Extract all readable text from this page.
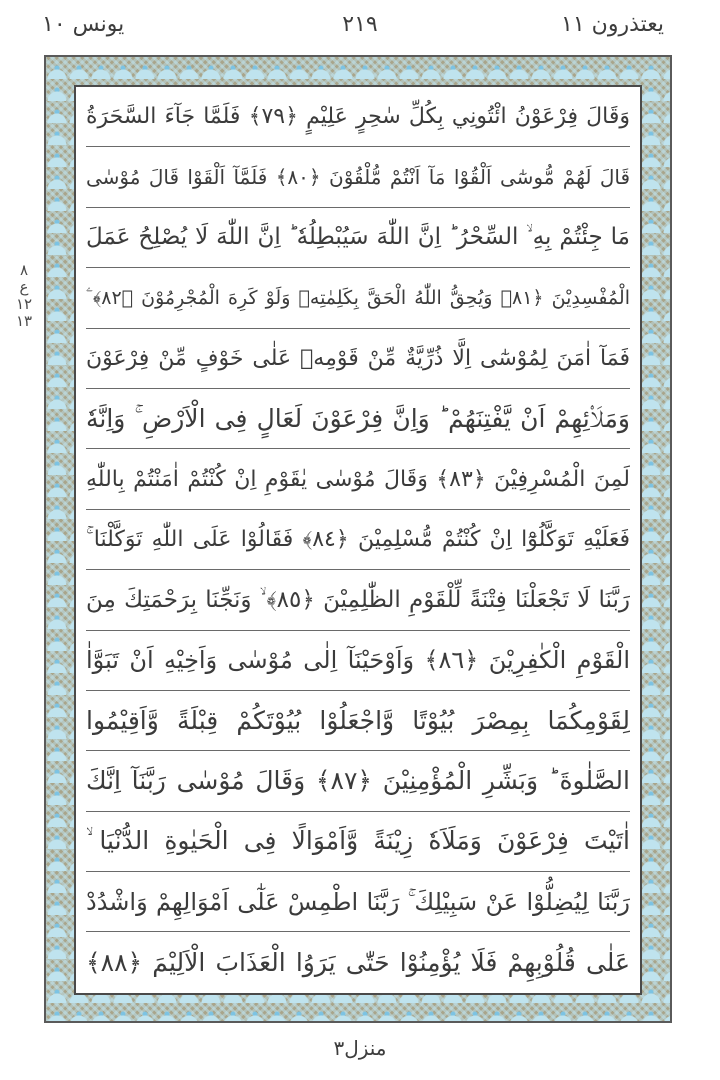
يعتذرون ١١
٢١٩
يونس ١٠
٨
ع
١٢
١٣
وَقَالَ فِرْعَوْنُ ائْتُونِي بِكُلِّ سٰحِرٍ عَلِيْمٍ ﴿٧٩﴾ فَلَمَّا جَآءَ السَّحَرَةُ
قَالَ لَهُمْ مُّوسٰٓى اَلْقُوْا مَآ اَنْتُمْ مُّلْقُوْنَ ﴿٨٠﴾ فَلَمَّآ اَلْقَوْا قَالَ مُوْسٰى
مَا جِئْتُمْ بِهِ ۙ السِّحْرُ ؕ اِنَّ اللّٰهَ سَيُبْطِلُهٗ ؕ اِنَّ اللّٰهَ لَا يُصْلِحُ عَمَلَ
الْمُفْسِدِيْنَ ﴿٨١﴾ وَيُحِقُّ اللّٰهُ الْحَقَّ بِكَلِمٰتِهٖ وَلَوْ كَرِهَ الْمُجْرِمُوْنَ ﴿٨٢﴾ ۧ
فَمَآ اٰمَنَ لِمُوْسٰٓى اِلَّا ذُرِّيَّةٌ مِّنْ قَوْمِهٖ عَلٰى خَوْفٍ مِّنْ فِرْعَوْنَ
وَمَلَا۟ئِهِمْ اَنْ يَّفْتِنَهُمْ ؕ وَاِنَّ فِرْعَوْنَ لَعَالٍ فِى الْاَرْضِ ۚ وَاِنَّهٗ
لَمِنَ الْمُسْرِفِيْنَ ﴿٨٣﴾ وَقَالَ مُوْسٰى يٰقَوْمِ اِنْ كُنْتُمْ اٰمَنْتُمْ بِاللّٰهِ
فَعَلَيْهِ تَوَكَّلُوْٓا اِنْ كُنْتُمْ مُّسْلِمِيْنَ ﴿٨٤﴾ فَقَالُوْا عَلَى اللّٰهِ تَوَكَّلْنَا ۚ
رَبَّنَا لَا تَجْعَلْنَا فِتْنَةً لِّلْقَوْمِ الظّٰلِمِيْنَ ﴿٨٥﴾ ۙ وَنَجِّنَا بِرَحْمَتِكَ مِنَ
الْقَوْمِ الْكٰفِرِيْنَ ﴿٨٦﴾ وَاَوْحَيْنَآ اِلٰى مُوْسٰى وَاَخِيْهِ اَنْ تَبَوَّاٰ
لِقَوْمِكُمَا بِمِصْرَ بُيُوْتًا وَّاجْعَلُوْا بُيُوْتَكُمْ قِبْلَةً وَّاَقِيْمُوا
الصَّلٰوةَ ؕ وَبَشِّرِ الْمُؤْمِنِيْنَ ﴿٨٧﴾ وَقَالَ مُوْسٰى رَبَّنَآ اِنَّكَ
اٰتَيْتَ فِرْعَوْنَ وَمَلَاَهٗ زِيْنَةً وَّاَمْوَالًا فِى الْحَيٰوةِ الدُّنْيَا ۙ
رَبَّنَا لِيُضِلُّوْا عَنْ سَبِيْلِكَ ۚ رَبَّنَا اطْمِسْ عَلٰٓى اَمْوَالِهِمْ وَاشْدُدْ
عَلٰى قُلُوْبِهِمْ فَلَا يُؤْمِنُوْا حَتّٰى يَرَوُا الْعَذَابَ الْاَلِيْمَ ﴿٨٨﴾
منزل٣
